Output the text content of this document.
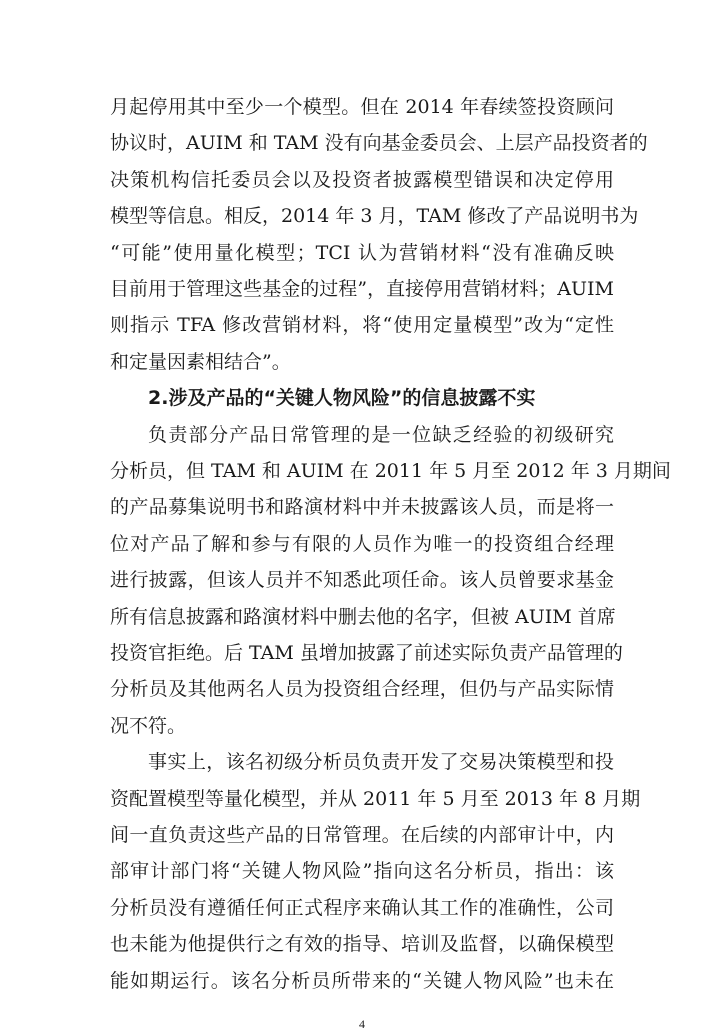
月起停用其中至少一个模型。但在 2014 年春续签投资顾问
协议时，AUIM 和 TAM 没有向基金委员会、上层产品投资者的
决策机构信托委员会以及投资者披露模型错误和决定停用
模型等信息。相反，2014 年 3 月，TAM 修改了产品说明书为
“可能”使用量化模型；TCI 认为营销材料“没有准确反映
目前用于管理这些基金的过程”，直接停用营销材料；AUIM
则指示 TFA 修改营销材料，将“使用定量模型”改为“定性
和定量因素相结合”。
2.涉及产品的“关键人物风险”的信息披露不实
负责部分产品日常管理的是一位缺乏经验的初级研究
分析员，但 TAM 和 AUIM 在 2011 年 5 月至 2012 年 3 月期间
的产品募集说明书和路演材料中并未披露该人员，而是将一
位对产品了解和参与有限的人员作为唯一的投资组合经理
进行披露，但该人员并不知悉此项任命。该人员曾要求基金
所有信息披露和路演材料中删去他的名字，但被 AUIM 首席
投资官拒绝。后 TAM 虽增加披露了前述实际负责产品管理的
分析员及其他两名人员为投资组合经理，但仍与产品实际情
况不符。
事实上，该名初级分析员负责开发了交易决策模型和投
资配置模型等量化模型，并从 2011 年 5 月至 2013 年 8 月期
间一直负责这些产品的日常管理。在后续的内部审计中，内
部审计部门将“关键人物风险”指向这名分析员，指出：该
分析员没有遵循任何正式程序来确认其工作的准确性，公司
也未能为他提供行之有效的指导、培训及监督，以确保模型
能如期运行。该名分析员所带来的“关键人物风险”也未在
4
